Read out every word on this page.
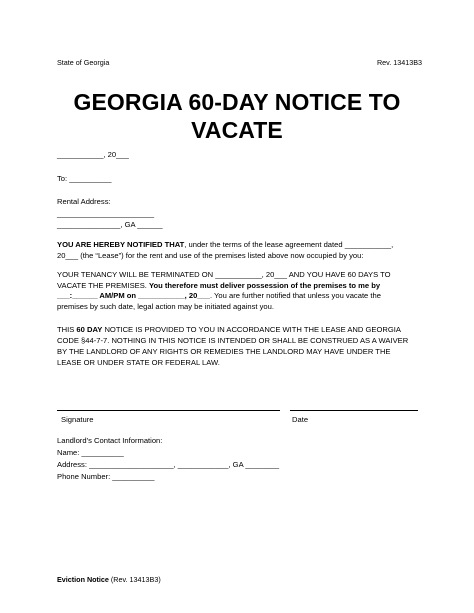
State of Georgia	Rev. 13413B3
GEORGIA 60-DAY NOTICE TO
VACATE
___________, 20___
To: __________
Rental Address:
_______________________
_______________, GA ______
YOU ARE HEREBY NOTIFIED THAT, under the terms of the lease agreement dated ___________,
20___ (the “Lease”) for the rent and use of the premises listed above now occupied by you:
YOUR TENANCY WILL BE TERMINATED ON ___________, 20___ AND YOU HAVE 60 DAYS TO
VACATE THE PREMISES. You therefore must deliver possession of the premises to me by
___:______ AM/PM on ___________, 20___. You are further notified that unless you vacate the
premises by such date, legal action may be initiated against you.
THIS 60 DAY NOTICE IS PROVIDED TO YOU IN ACCORDANCE WITH THE LEASE AND GEORGIA
CODE §44-7-7. NOTHING IN THIS NOTICE IS INTENDED OR SHALL BE CONSTRUED AS A WAIVER
BY THE LANDLORD OF ANY RIGHTS OR REMEDIES THE LANDLORD MAY HAVE UNDER THE
LEASE OR UNDER STATE OR FEDERAL LAW.
Signature	Date
Landlord’s Contact Information:
Name: __________
Address: ____________________, ____________, GA ________
Phone Number: __________
Eviction Notice (Rev. 13413B3)
